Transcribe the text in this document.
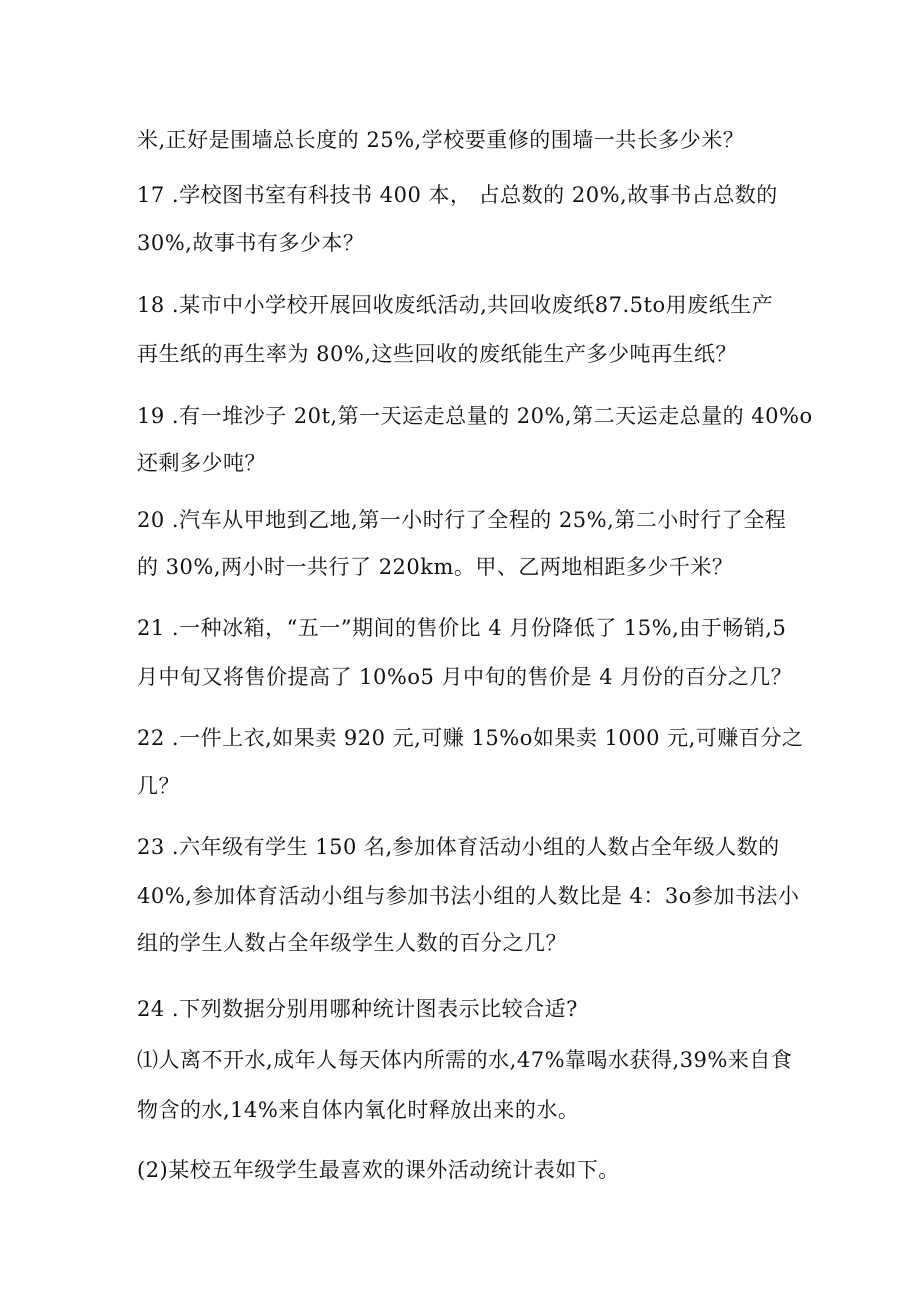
米,正好是围墙总长度的 25%,学校要重修的围墙一共长多少米？
17 .学校图书室有科技书 400 本， 占总数的 20%,故事书占总数的
30%,故事书有多少本？
18 .某市中小学校开展回收废纸活动,共回收废纸87.5to用废纸生产
再生纸的再生率为 80%,这些回收的废纸能生产多少吨再生纸？
19 .有一堆沙子 20t,第一天运走总量的 20%,第二天运走总量的 40%o
还剩多少吨？
20 .汽车从甲地到乙地,第一小时行了全程的 25%,第二小时行了全程
的 30%,两小时一共行了 220km。甲、乙两地相距多少千米？
21 .一种冰箱，“五一”期间的售价比 4 月份降低了 15%,由于畅销,5
月中旬又将售价提高了 10%o5 月中旬的售价是 4 月份的百分之几？
22 .一件上衣,如果卖 920 元,可赚 15%o如果卖 1000 元,可赚百分之
几？
23 .六年级有学生 150 名,参加体育活动小组的人数占全年级人数的
40%,参加体育活动小组与参加书法小组的人数比是 4：3o参加书法小
组的学生人数占全年级学生人数的百分之几？
24 .下列数据分别用哪种统计图表示比较合适?
⑴人离不开水,成年人每天体内所需的水,47%靠喝水获得,39%来自食
物含的水,14%来自体内氧化时释放出来的水。
(2)某校五年级学生最喜欢的课外活动统计表如下。
